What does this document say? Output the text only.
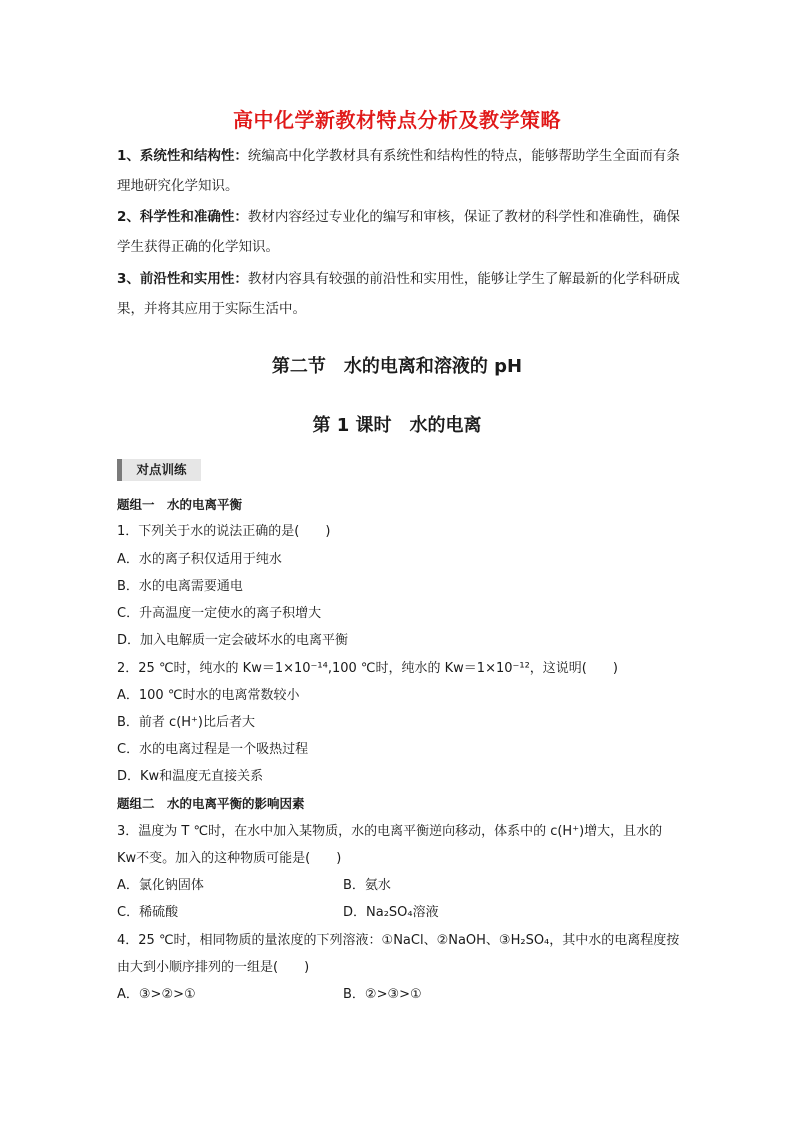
高中化学新教材特点分析及教学策略
1、系统性和结构性：统编高中化学教材具有系统性和结构性的特点，能够帮助学生全面而有条理地研究化学知识。
2、科学性和准确性：教材内容经过专业化的编写和审核，保证了教材的科学性和准确性，确保学生获得正确的化学知识。
3、前沿性和实用性：教材内容具有较强的前沿性和实用性，能够让学生了解最新的化学科研成果，并将其应用于实际生活中。
第二节　水的电离和溶液的 pH
第 1 课时　水的电离
对点训练
题组一　水的电离平衡
1．下列关于水的说法正确的是(　　)
A．水的离子积仅适用于纯水
B．水的电离需要通电
C．升高温度一定使水的离子积增大
D．加入电解质一定会破坏水的电离平衡
2．25 ℃时，纯水的 Kw＝1×10⁻¹⁴,100 ℃时，纯水的 Kw＝1×10⁻¹²，这说明(　　)
A．100 ℃时水的电离常数较小
B．前者 c(H⁺)比后者大
C．水的电离过程是一个吸热过程
D．Kw和温度无直接关系
题组二　水的电离平衡的影响因素
3．温度为 T ℃时，在水中加入某物质，水的电离平衡逆向移动，体系中的 c(H⁺)增大，且水的 Kw不变。加入的这种物质可能是(　　)
A．氯化钠固体	B．氨水
C．稀硫酸	D．Na₂SO₄溶液
4．25 ℃时，相同物质的量浓度的下列溶液：①NaCl、②NaOH、③H₂SO₄，其中水的电离程度按由大到小顺序排列的一组是(　　)
A．③>②>①	B．②>③>①
